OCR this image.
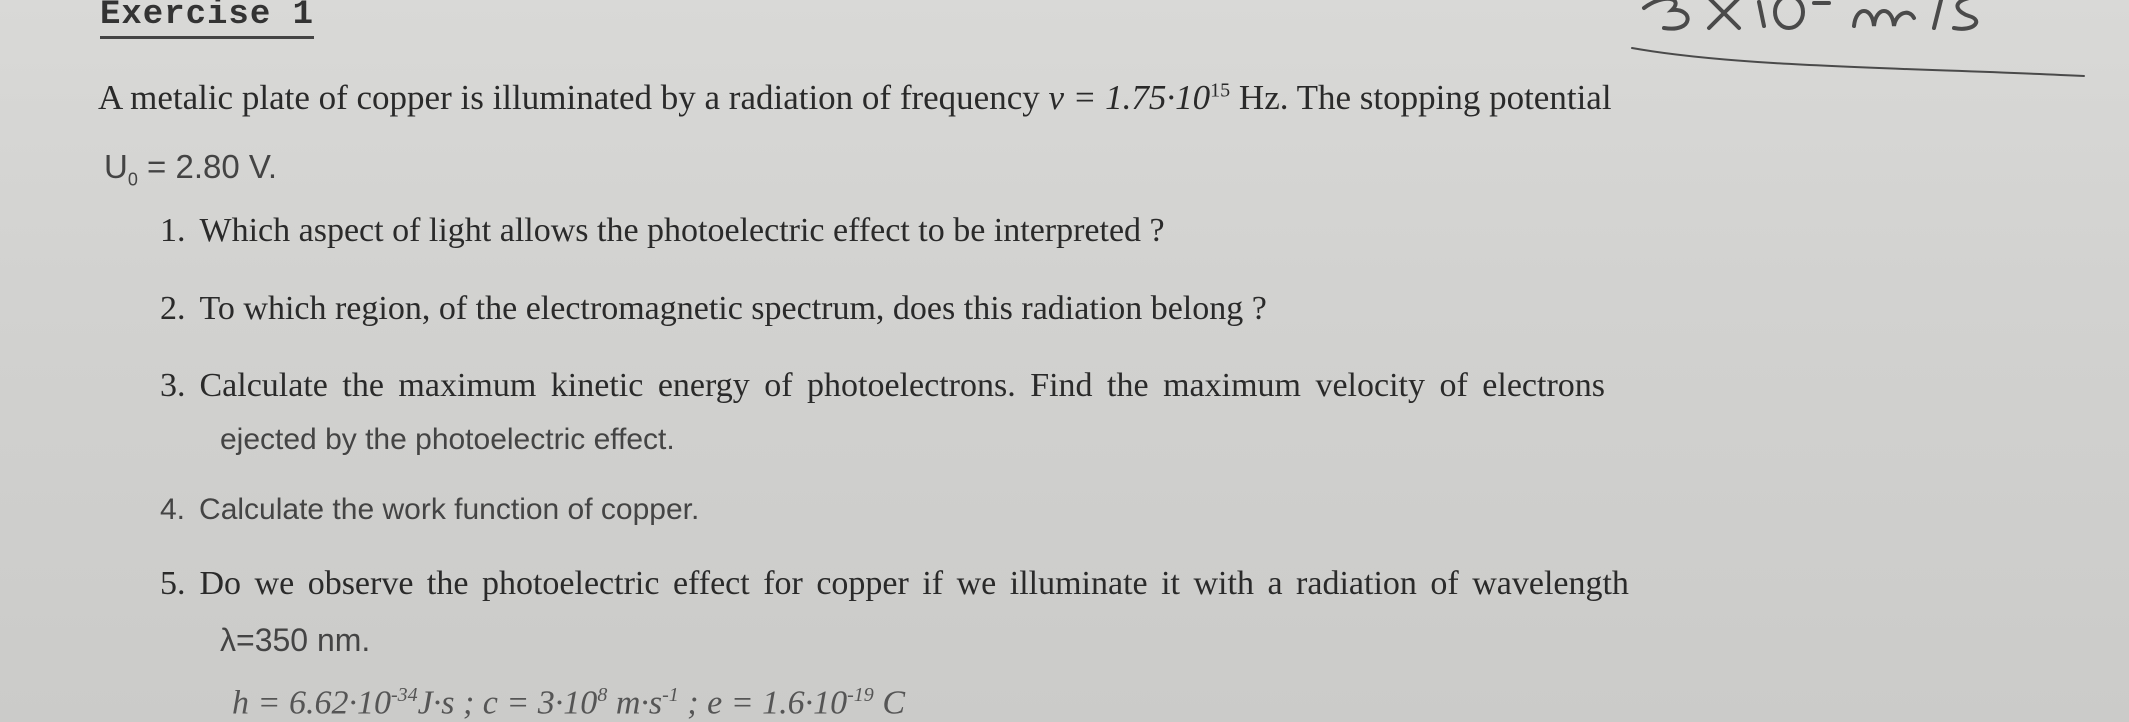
Exercise 1
A metalic plate of copper is illuminated by a radiation of frequency $\nu = 1.75\cdot 10^{15}$ Hz. The stopping potential
$U_0 = 2.80$ V.
1. Which aspect of light allows the photoelectric effect to be interpreted ?
2. To which region, of the electromagnetic spectrum, does this radiation belong ?
3. Calculate the maximum kinetic energy of photoelectrons. Find the maximum velocity of electrons
ejected by the photoelectric effect.
4. Calculate the work function of copper.
5. Do we observe the photoelectric effect for copper if we illuminate it with a radiation of wavelength
λ=350 nm.
$h = 6.62\cdot 10^{-34}J\cdot s$ ; $c = 3\cdot 10^8$ $m\cdot s^{-1}$ ; $e = 1.6\cdot 10^{-19}$ C
